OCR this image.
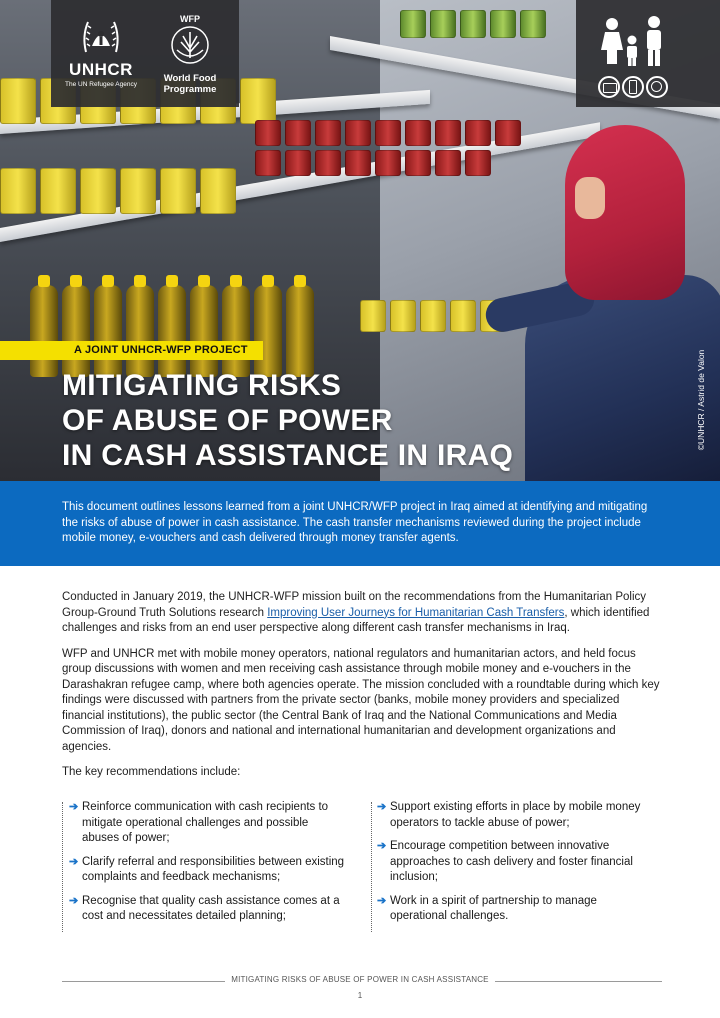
UNHCR
The UN Refugee Agency
WFP
World Food Programme
A JOINT UNHCR-WFP PROJECT
MITIGATING RISKS
OF ABUSE OF POWER
IN CASH ASSISTANCE IN IRAQ
©UNHCR / Astrid de Valon

This document outlines lessons learned from a joint UNHCR/WFP project in Iraq aimed at identifying and mitigating the risks of abuse of power in cash assistance. The cash transfer mechanisms reviewed during the project include mobile money, e-vouchers and cash delivered through money transfer agents.

Conducted in January 2019, the UNHCR-WFP mission built on the recommendations from the Humanitarian Policy Group-Ground Truth Solutions research Improving User Journeys for Humanitarian Cash Transfers, which identified challenges and risks from an end user perspective along different cash transfer mechanisms in Iraq.

WFP and UNHCR met with mobile money operators, national regulators and humanitarian actors, and held focus group discussions with women and men receiving cash assistance through mobile money and e-vouchers in the Darashakran refugee camp, where both agencies operate. The mission concluded with a roundtable during which key findings were discussed with partners from the private sector (banks, mobile money providers and specialized financial institutions), the public sector (the Central Bank of Iraq and the National Communications and Media Commission of Iraq), donors and national and international humanitarian and development organizations and agencies.

The key recommendations include:

➔ Reinforce communication with cash recipients to mitigate operational challenges and possible abuses of power;
➔ Clarify referral and responsibilities between existing complaints and feedback mechanisms;
➔ Recognise that quality cash assistance comes at a cost and necessitates detailed planning;
➔ Support existing efforts in place by mobile money operators to tackle abuse of power;
➔ Encourage competition between innovative approaches to cash delivery and foster financial inclusion;
➔ Work in a spirit of partnership to manage operational challenges.
MITIGATING RISKS OF ABUSE OF POWER IN CASH ASSISTANCE
1
